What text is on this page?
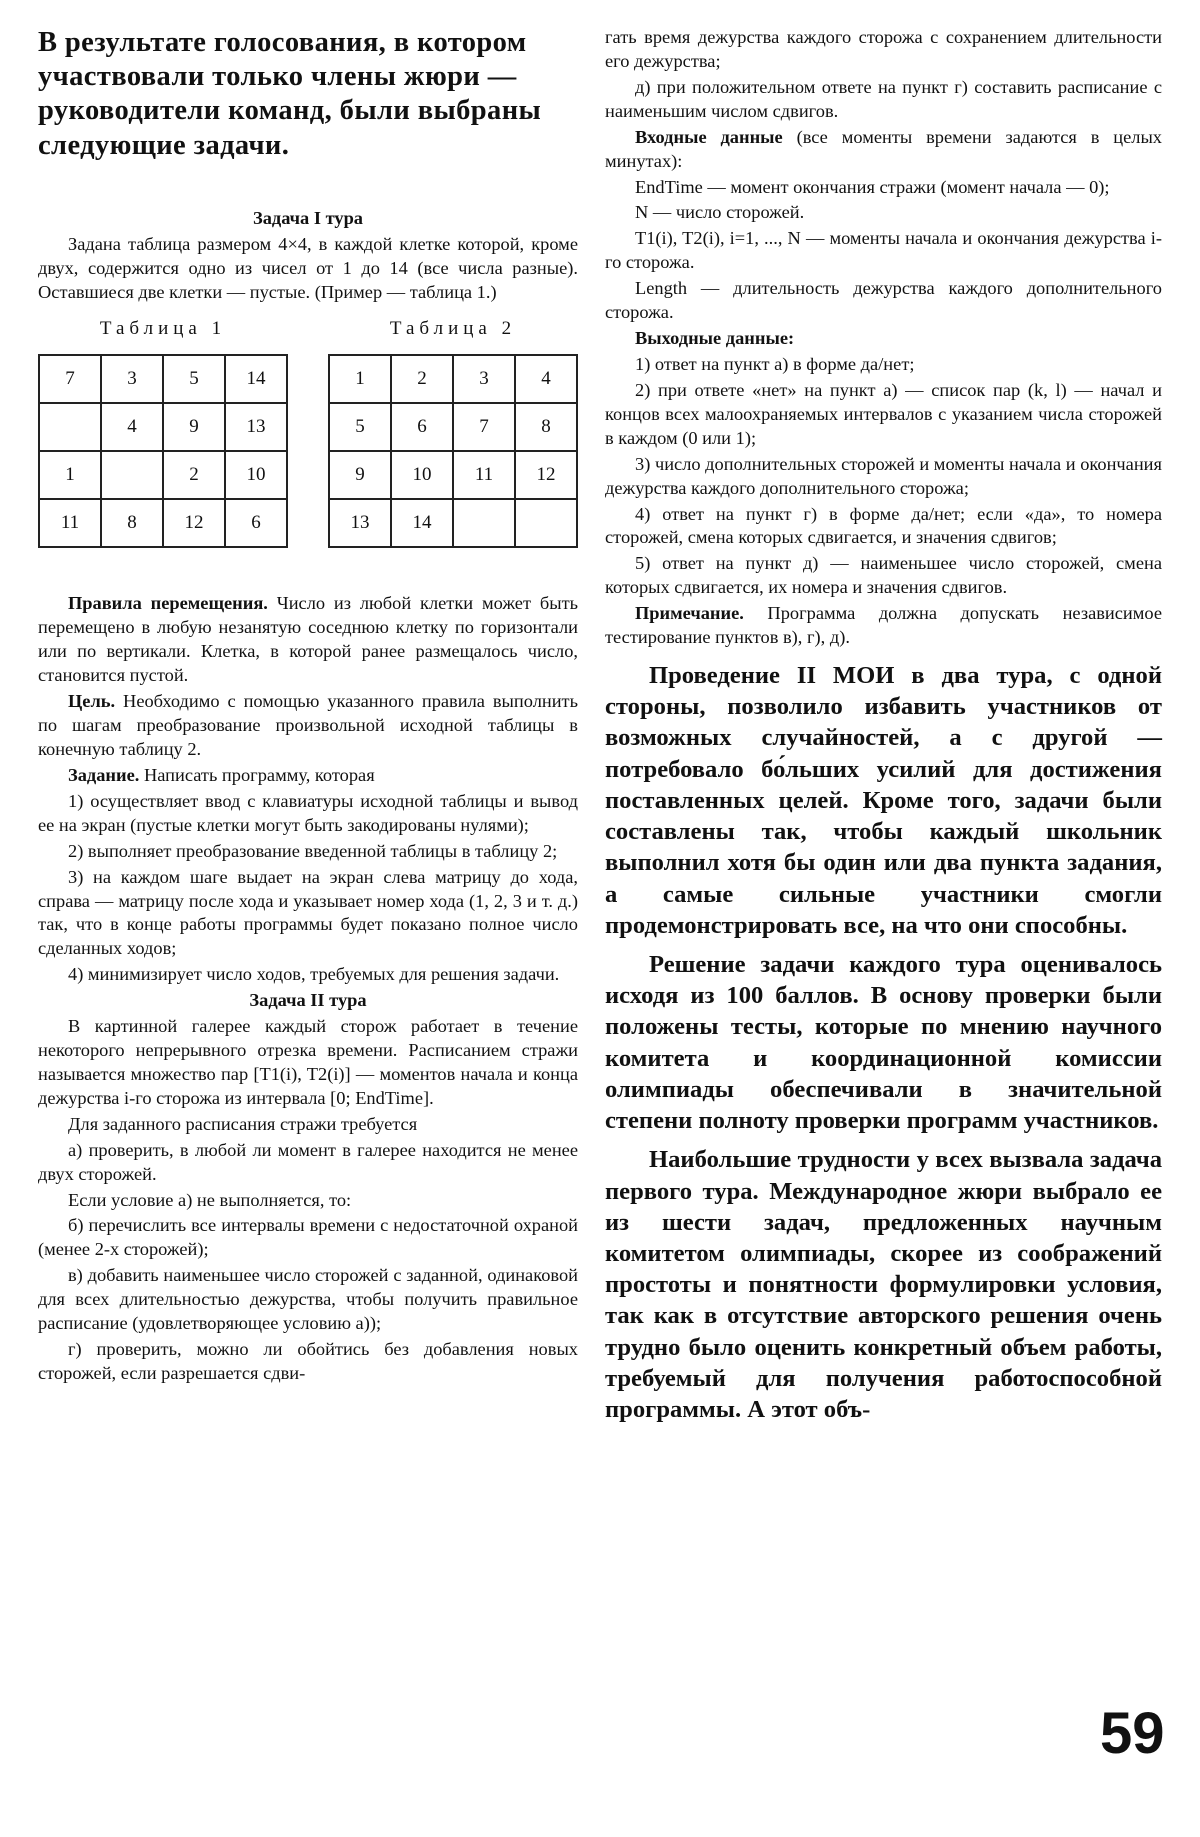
В результате голосования, в котором участвовали только члены жюри — руководители команд, были выбраны следующие задачи.

Задача I тура

Задана таблица размером 4×4, в каждой клетке которой, кроме двух, содержится одно из чисел от 1 до 14 (все числа разные). Оставшиеся две клетки — пустые. (Пример — таблица 1.)

Таблица 1
7	3	5	14
	4	9	13
1		2	10
11	8	12	6
Таблица 2
1	2	3	4
5	6	7	8
9	10	11	12
13	14		

Правила перемещения. Число из любой клетки может быть перемещено в любую незанятую соседнюю клетку по горизонтали или по вертикали. Клетка, в которой ранее размещалось число, становится пустой.

Цель. Необходимо с помощью указанного правила выполнить по шагам преобразование произвольной исходной таблицы в конечную таблицу 2.

Задание. Написать программу, которая

1) осуществляет ввод с клавиатуры исходной таблицы и вывод ее на экран (пустые клетки могут быть закодированы нулями);

2) выполняет преобразование введенной таблицы в таблицу 2;

3) на каждом шаге выдает на экран слева матрицу до хода, справа — матрицу после хода и указывает номер хода (1, 2, 3 и т. д.) так, что в конце работы программы будет показано полное число сделанных ходов;

4) минимизирует число ходов, требуемых для решения задачи.

Задача II тура

В картинной галерее каждый сторож работает в течение некоторого непрерывного отрезка времени. Расписанием стражи называется множество пар [T1(i), T2(i)] — моментов начала и конца дежурства i-го сторожа из интервала [0; EndTime].

Для заданного расписания стражи требуется

а) проверить, в любой ли момент в галерее находится не менее двух сторожей.

Если условие а) не выполняется, то:

б) перечислить все интервалы времени с недостаточной охраной (менее 2-х сторожей);

в) добавить наименьшее число сторожей с заданной, одинаковой для всех длительностью дежурства, чтобы получить правильное расписание (удовлетворяющее условию а));

г) проверить, можно ли обойтись без добавления новых сторожей, если разрешается сдви-

гать время дежурства каждого сторожа с сохранением длительности его дежурства;

д) при положительном ответе на пункт г) составить расписание с наименьшим числом сдвигов.

Входные данные (все моменты времени задаются в целых минутах):

EndTime — момент окончания стражи (момент начала — 0);

N — число сторожей.

T1(i), T2(i), i=1, ..., N — моменты начала и окончания дежурства i-го сторожа.

Length — длительность дежурства каждого дополнительного сторожа.

Выходные данные:

1) ответ на пункт а) в форме да/нет;

2) при ответе «нет» на пункт а) — список пар (k, l) — начал и концов всех малоохраняемых интервалов с указанием числа сторожей в каждом (0 или 1);

3) число дополнительных сторожей и моменты начала и окончания дежурства каждого дополнительного сторожа;

4) ответ на пункт г) в форме да/нет; если «да», то номера сторожей, смена которых сдвигается, и значения сдвигов;

5) ответ на пункт д) — наименьшее число сторожей, смена которых сдвигается, их номера и значения сдвигов.

Примечание. Программа должна допускать независимое тестирование пунктов в), г), д).

Проведение II МОИ в два тура, с одной стороны, позволило избавить участников от возможных случайностей, а с другой — потребовало бо́льших усилий для достижения поставленных целей. Кроме того, задачи были составлены так, чтобы каждый школьник выполнил хотя бы один или два пункта задания, а самые сильные участники смогли продемонстрировать все, на что они способны.

Решение задачи каждого тура оценивалось исходя из 100 баллов. В основу проверки были положены тесты, которые по мнению научного комитета и координационной комиссии олимпиады обеспечивали в значительной степени полноту проверки программ участников.

Наибольшие трудности у всех вызвала задача первого тура. Международное жюри выбрало ее из шести задач, предложенных научным комитетом олимпиады, скорее из соображений простоты и понятности формулировки условия, так как в отсутствие авторского решения очень трудно было оценить конкретный объем работы, требуемый для получения работоспособной программы. А этот объ-

59
